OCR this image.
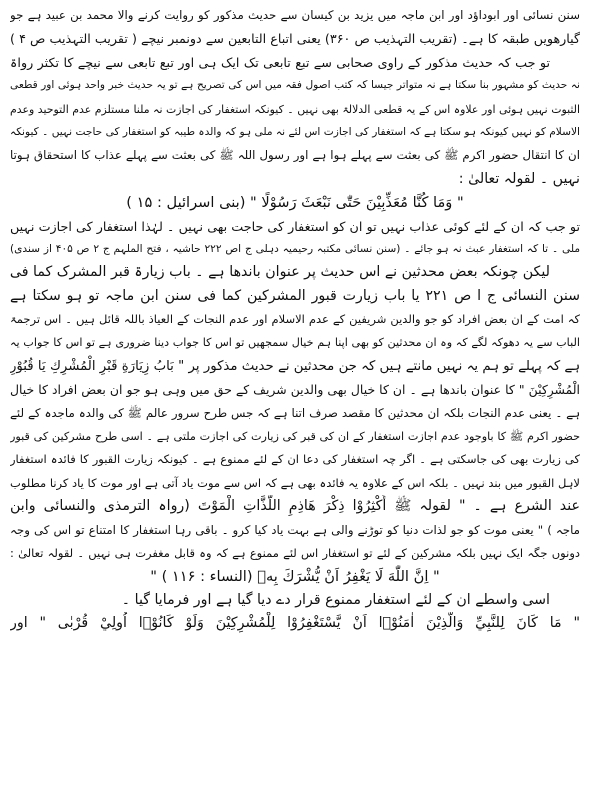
سنن نسائی اور ابوداؤد اور ابن ماجہ میں یزید بن کیسان سے حدیث مذکور کو روایت کرنے والا محمد بن عبید ہے جو
گیارھویں طبقہ کا ہے۔ (تقریب التہذیب ص ۳۶۰) یعنی اتباع التابعین سے دونمبر نیچے ( تقریب التہذیب ص ۴ )
تو جب کہ حدیث مذکور کے راوی صحابی سے تبع تابعی تک ایک ہی اور تبع تابعی سے نیچے کا تکثر رواۃ
نہ حدیث کو مشہور بنا سکتا ہے نہ متواتر جیسا کہ کتب اصول فقہ میں اس کی تصریح ہے تو یہ حدیث خبر واحد ہوئی اور قطعی
الثبوت نہیں ہوئی اور علاوہ اس کے یہ قطعی الدلالۃ بھی نہیں ۔ کیونکہ استغفار کی اجازت نہ ملنا مستلزم عدم التوحید وعدم
الاسلام کو نہیں کیونکہ ہو سکتا ہے کہ استغفار کی اجازت اس لئے نہ ملی ہو کہ والدہ طیبہ کو استغفار کی حاجت نہیں ۔ کیونکہ
ان کا انتقال حضور اکرم ﷺ کی بعثت سے پہلے ہوا ہے اور رسول اللہ ﷺ کی بعثت سے پہلے عذاب کا استحقاق ہوتا
نہیں ۔ لقولہ تعالیٰ :
" وَمَا كُنَّا مُعَذِّبِيْنَ حَتّٰى نَبْعَثَ رَسُوْلًا " (بنی اسرائیل : ۱۵ )
تو جب کہ ان کے لئے کوئی عذاب نہیں تو ان کو استغفار کی حاجت بھی نہیں ۔ لہٰذا استغفار کی اجازت نہیں
ملی ۔ تا کہ استغفار عبث نہ ہو جائے ۔ (سنن نسائی مکتبہ رحیمیہ دہلی ج اص ۲۲۲ حاشیہ ، فتح الملہم ج ۲ ص ۴۰۵ از سندی)
لیکن چونکہ بعض محدثین نے اس حدیث پر عنوان باندھا ہے ۔ باب زیارۃ قبر المشرک کما فی
سنن النسائی ج ا ص ۲۲۱ یا باب زیارت قبور المشرکین کما فی سنن ابن ماجہ تو ہو سکتا ہے
کہ امت کے ان بعض افراد کو جو والدین شریفین کے عدم الاسلام اور عدم النجات کے العیاذ باللہ قائل ہیں ۔ اس ترجمۃ
الباب سے یہ دھوکہ لگے کہ وہ ان محدثین کو بھی اپنا ہم خیال سمجھیں تو اس کا جواب دینا ضروری ہے تو اس کا جواب یہ
ہے کہ پہلے تو ہم یہ نہیں مانتے ہیں کہ جن محدثین نے حدیث مذکور پر " بَابُ زِيَارَةِ قَبْرِ الْمُشْرِكِ يَا قُبُوْرِ
الْمُشْرِكِيْنَ " کا عنوان باندھا ہے ۔ ان کا خیال بھی والدین شریف کے حق میں وہی ہو جو ان بعض افراد کا خیال
ہے ۔ یعنی عدم النجات بلکہ ان محدثین کا مقصد صرف اتنا ہے کہ جس طرح سرور عالم ﷺ کی والدہ ماجدہ کے لئے
حضور اکرم ﷺ کا باوجود عدم اجازت استغفار کے ان کی قبر کی زیارت کی اجازت ملتی ہے ۔ اسی طرح مشرکین کی قبور
کی زیارت بھی کی جاسکتی ہے ۔ اگر چہ استغفار کی دعا ان کے لئے ممنوع ہے ۔ کیونکہ زیارت القبور کا فائدہ استغفار
لاہل القبور میں بند نہیں ۔ بلکہ اس کے علاوہ یہ فائدہ بھی ہے کہ اس سے موت یاد آتی ہے اور موت کا یاد کرنا مطلوب
عند الشرع ہے ۔ " لقولہ ﷺ أَكْثِرُوْا ذِكْرَ هَاذِمِ اللَّذَّاتِ الْمَوْتَ (رواہ الترمذی والنسائی وابن
ماجہ ) " یعنی موت کو جو لذات دنیا کو توڑنے والی ہے بہت یاد کیا کرو ۔ باقی رہا استغفار کا امتناع تو اس کی وجہ
دونوں جگہ ایک نہیں بلکہ مشرکین کے لئے تو استغفار اس لئے ممنوع ہے کہ وہ قابل مغفرت ہی نہیں ۔ لقولہ تعالیٰ :
" اِنَّ اللّٰهَ لَا يَغْفِرُ اَنْ يُّشْرَكَ بِهٖ (النساء : ۱۱۶ ) "
اسی واسطے ان کے لئے استغفار ممنوع قرار دے دیا گیا ہے اور فرمایا گیا ۔
" مَا كَانَ لِلنَّبِيِّ وَالَّذِيْنَ اٰمَنُوْۤا اَنْ يَّسْتَغْفِرُوْا لِلْمُشْرِكِيْنَ وَلَوْ كَانُوْۤا اُولِيْ قُرْبٰى " اور
